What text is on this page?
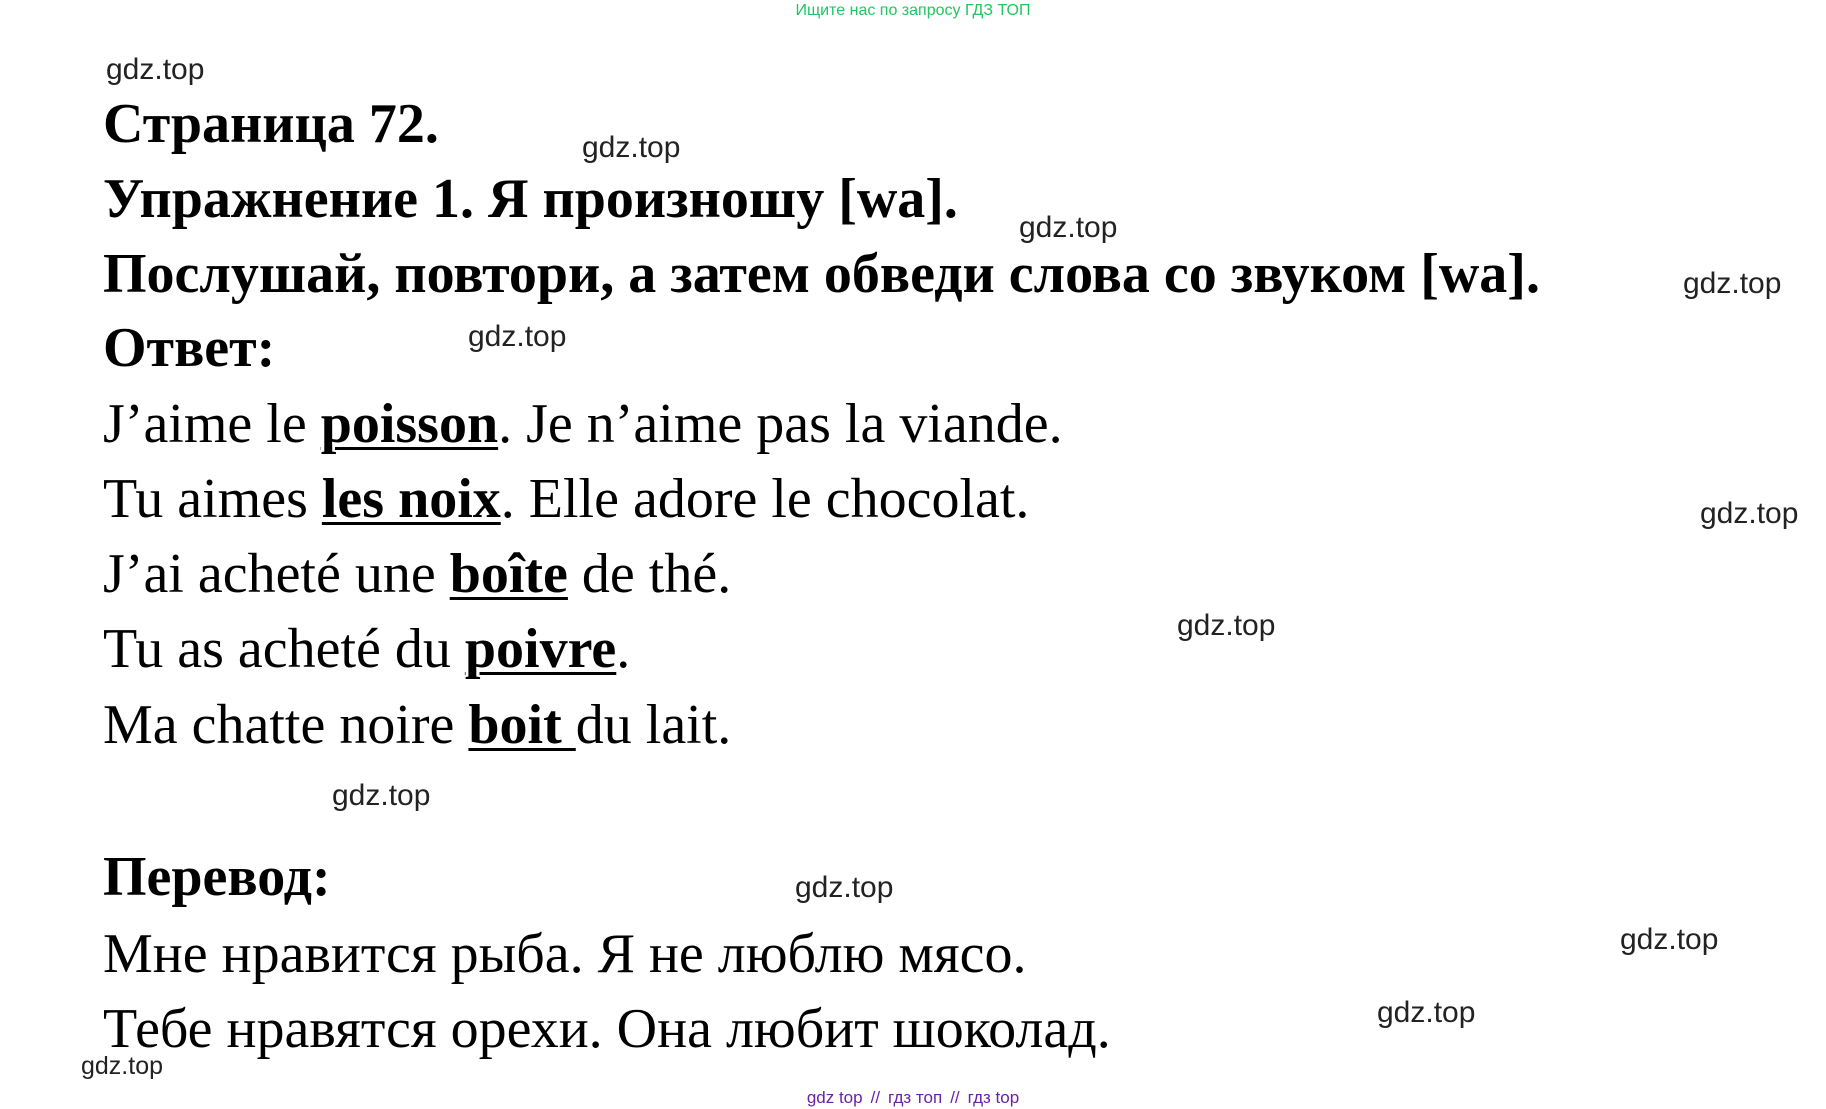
Ищите нас по запросу ГДЗ ТОП
Страница 72.
Упражнение 1. Я произношу [wa].
Послушай, повтори, а затем обведи слова со звуком [wa].
Ответ:
J’aime le poisson. Je n’aime pas la viande.
Tu aimes les noix. Elle adore le chocolat.
J’ai acheté une boîte de thé.
Tu as acheté du poivre.
Ma chatte noire boit du lait.
Перевод:
Мне нравится рыба. Я не люблю мясо.
Тебе нравятся орехи. Она любит шоколад.
gdz.top
gdz.top
gdz.top
gdz.top
gdz.top
gdz.top
gdz.top
gdz.top
gdz.top
gdz.top
gdz.top
gdz.top
gdz top // гдз топ // гдз top
